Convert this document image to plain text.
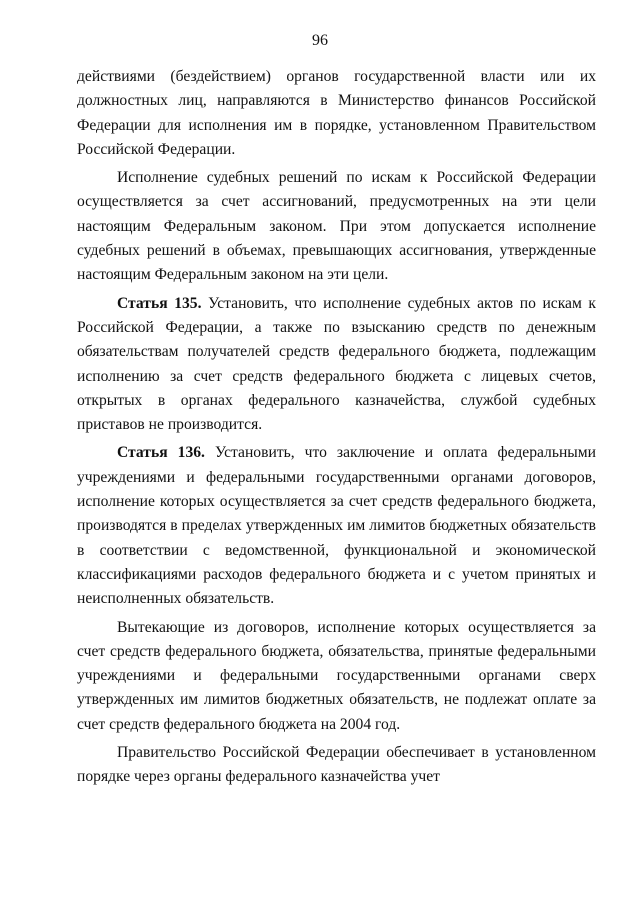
96

действиями (бездействием) органов государственной власти или их должностных лиц, направляются в Министерство финансов Российской Федерации для исполнения им в порядке, установленном Правительством Российской Федерации.

Исполнение судебных решений по искам к Российской Федерации осуществляется за счет ассигнований, предусмотренных на эти цели настоящим Федеральным законом. При этом допускается исполнение судебных решений в объемах, превышающих ассигнования, утвержденные настоящим Федеральным законом на эти цели.

Статья 135. Установить, что исполнение судебных актов по искам к Российской Федерации, а также по взысканию средств по денежным обязательствам получателей средств федерального бюджета, подлежащим исполнению за счет средств федерального бюджета с лицевых счетов, открытых в органах федерального казначейства, службой судебных приставов не производится.

Статья 136. Установить, что заключение и оплата федеральными учреждениями и федеральными государственными органами договоров, исполнение которых осуществляется за счет средств федерального бюджета, производятся в пределах утвержденных им лимитов бюджетных обязательств в соответствии с ведомственной, функциональной и экономической классификациями расходов федерального бюджета и с учетом принятых и неисполненных обязательств.

Вытекающие из договоров, исполнение которых осуществляется за счет средств федерального бюджета, обязательства, принятые федеральными учреждениями и федеральными государственными органами сверх утвержденных им лимитов бюджетных обязательств, не подлежат оплате за счет средств федерального бюджета на 2004 год.

Правительство Российской Федерации обеспечивает в установленном порядке через органы федерального казначейства учет
